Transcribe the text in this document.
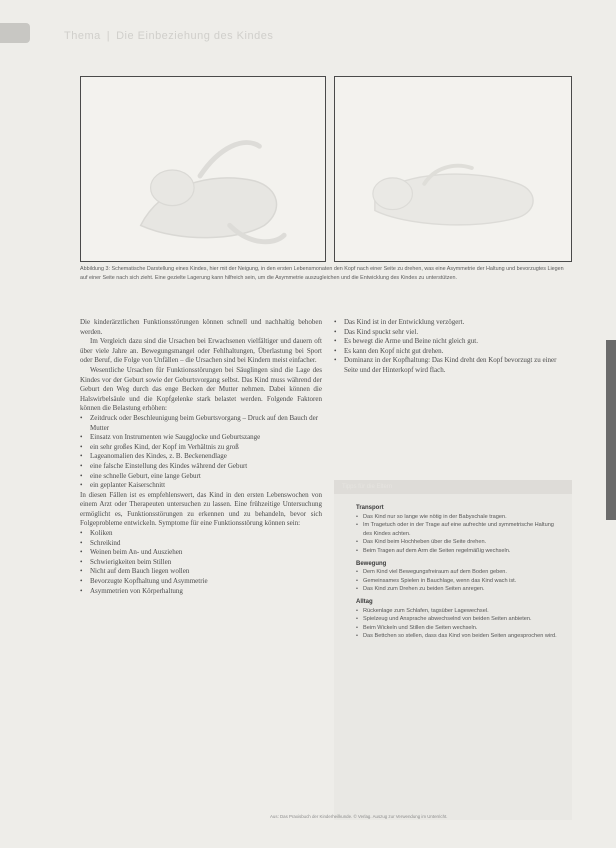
Thema | Die Einbeziehung des Kindes
Abbildung 3: Schematische Darstellung eines Kindes, hier mit der Neigung, in den ersten Lebensmonaten den Kopf nach einer Seite zu drehen, was eine Asymmetrie der Haltung und bevorzugtes Liegen auf einer Seite nach sich zieht. Eine gezielte Lagerung kann hilfreich sein, um die Asymmetrie auszugleichen und die Entwicklung des Kindes zu unterstützen.

Die kinderärztlichen Funktionsstörungen können schnell und nachhaltig behoben werden.

Im Vergleich dazu sind die Ursachen bei Erwachsenen vielfältiger und dauern oft über viele Jahre an. Bewegungsmangel oder Fehlhaltungen, Überlastung bei Sport oder Beruf, die Folge von Unfällen – die Ursachen sind bei Kindern meist einfacher.

Wesentliche Ursachen für Funktionsstörungen bei Säuglingen sind die Lage des Kindes vor der Geburt sowie der Geburtsvorgang selbst. Das Kind muss während der Geburt den Weg durch das enge Becken der Mutter nehmen. Dabei können die Halswirbelsäule und die Kopfgelenke stark belastet werden. Folgende Faktoren können die Belastung erhöhen:

• Zeitdruck oder Beschleunigung beim Geburtsvorgang – Druck auf den Bauch der Mutter
• Einsatz von Instrumenten wie Saugglocke und Geburtszange
• ein sehr großes Kind, der Kopf im Verhältnis zu groß
• Lageanomalien des Kindes, z. B. Beckenendlage
• eine falsche Einstellung des Kindes während der Geburt
• eine schnelle Geburt, eine lange Geburt
• ein geplanter Kaiserschnitt

In diesen Fällen ist es empfehlenswert, das Kind in den ersten Lebenswochen von einem Arzt oder Therapeuten untersuchen zu lassen. Eine frühzeitige Untersuchung ermöglicht es, Funktionsstörungen zu erkennen und zu behandeln, bevor sich Folgeprobleme entwickeln. Symptome für eine Funktionsstörung können sein:

• Koliken
• Schreikind
• Weinen beim An- und Ausziehen
• Schwierigkeiten beim Stillen
• Nicht auf dem Bauch liegen wollen
• Bevorzugte Kopfhaltung und Asymmetrie
• Asymmetrien von Körperhaltung
• Das Kind ist in der Entwicklung verzögert.
• Das Kind spuckt sehr viel.
• Es bewegt die Arme und Beine nicht gleich gut.
• Es kann den Kopf nicht gut drehen.
• Dominanz in der Kopfhaltung: Das Kind dreht den Kopf bevorzugt zu einer Seite und der Hinterkopf wird flach.
Tipps für die Eltern
Transport
• Das Kind nur so lange wie nötig in der Babyschale tragen.
• Im Tragetuch oder in der Trage auf eine aufrechte und symmetrische Haltung des Kindes achten.
• Das Kind beim Hochheben über die Seite drehen.
• Beim Tragen auf dem Arm die Seiten regelmäßig wechseln.
Bewegung
• Dem Kind viel Bewegungsfreiraum auf dem Boden geben.
• Gemeinsames Spielen in Bauchlage, wenn das Kind wach ist.
• Das Kind zum Drehen zu beiden Seiten anregen.
Alltag
• Rückenlage zum Schlafen, tagsüber Lagewechsel.
• Spielzeug und Ansprache abwechselnd von beiden Seiten anbieten.
• Beim Wickeln und Stillen die Seiten wechseln.
• Das Bettchen so stellen, dass das Kind von beiden Seiten angesprochen wird.
Aus: Das Praxisbuch der Kinderheilkunde. © Verlag. Auszug zur Verwendung im Unterricht.
